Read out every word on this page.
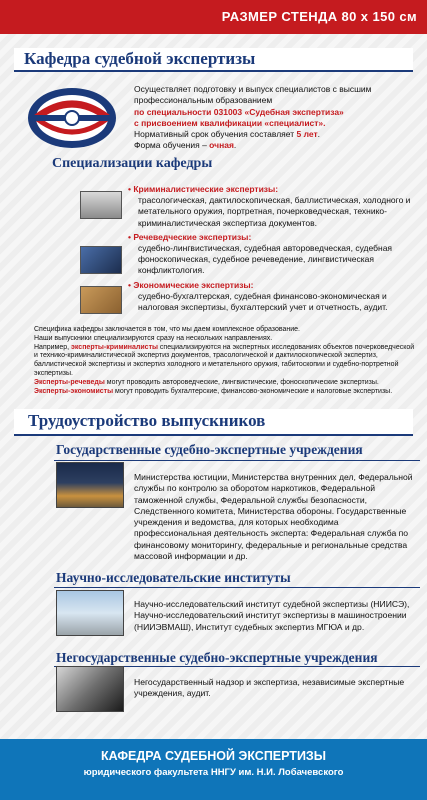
РАЗМЕР СТЕНДА 80 х 150 см
Кафедра судебной экспертизы
Осуществляет подготовку и выпуск специалистов с высшим
профессиональным образованием
по специальности 031003 «Судебная экспертиза»
с присвоением квалификации «специалист».
Нормативный срок обучения составляет 5 лет.
Форма обучения – очная.
Специализации кафедры
• Криминалистические экспертизы:
трасологическая, дактилоскопическая, баллистическая, холодного и метательного оружия, портретная, почерковедческая, технико-криминалистическая экспертиза документов.
• Речеведческие экспертизы:
судебно-лингвистическая, судебная автороведческая, судебная фоноскопическая, судебное речеведение, лингвистическая конфликтология.
• Экономические экспертизы:
судебно-бухгалтерская, судебная финансово-экономическая и налоговая экспертизы, бухгалтерский учет и отчетность, аудит.
Специфика кафедры заключается в том, что мы даем комплексное образование.
Наши выпускники специализируются сразу на нескольких направлениях.
Например, эксперты-криминалисты специализируются на экспертных исследованиях объектов почерковедческой и технико-криминалистической экспертиз документов, трасологической и дактилоскопической экспертиз, баллистической экспертизы и экспертиз холодного и метательного оружия, габитоскопии и судебно-портретной экспертизы.
Эксперты-речеведы могут проводить автороведческие, лингвистические, фоноскопические экспертизы.
Эксперты-экономисты могут проводить бухгалтерские, финансово-экономические и налоговые экспертизы.
Трудоустройство выпускников
Государственные судебно-экспертные учреждения
Министерства юстиции, Министерства внутренних дел, Федеральной службы по контролю за оборотом наркотиков, Федеральной таможенной службы, Федеральной службы безопасности, Следственного комитета, Министерства обороны. Государственные учреждения и ведомства, для которых необходима профессиональная деятельность эксперта: Федеральная служба по финансовому мониторингу, федеральные и региональные средства массовой информации и др.
Научно-исследовательские институты
Научно-исследовательский институт судебной экспертизы (НИИСЭ), Научно-исследовательский институт экспертизы в машиностроении (НИИЭВМАШ), Институт судебных экспертиз МГЮА и др.
Негосударственные судебно-экспертные учреждения
Негосударственный надзор и экспертиза, независимые экспертные учреждения, аудит.
КАФЕДРА СУДЕБНОЙ ЭКСПЕРТИЗЫ
юридического факультета ННГУ им. Н.И. Лобачевского
